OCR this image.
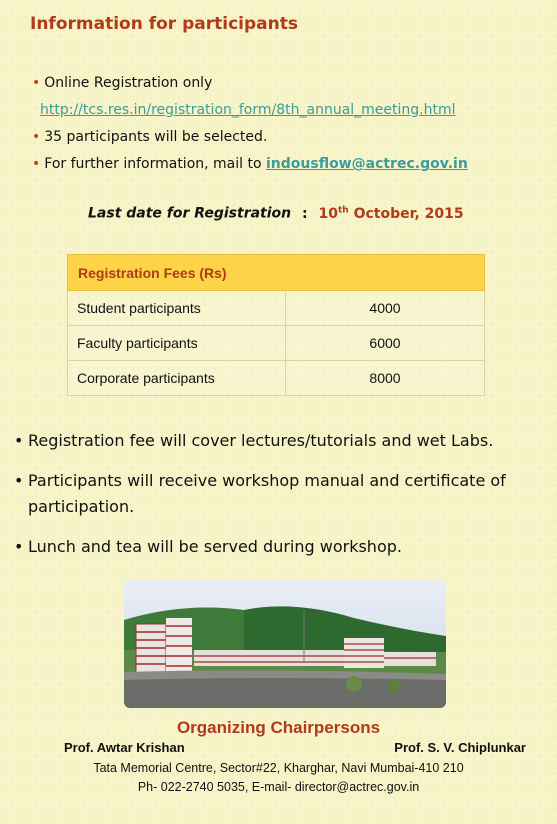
Information for participants
• Online Registration only
http://tcs.res.in/registration_form/8th_annual_meeting.html
• 35 participants will be selected.
• For further information, mail to indousflow@actrec.gov.in
Last date for Registration : 10th October, 2015
Registration Fees (Rs)	
Student participants	4000
Faculty participants	6000
Corporate participants	8000
• Registration fee will cover lectures/tutorials and wet Labs.
• Participants will receive workshop manual and certificate of participation.
• Lunch and tea will be served during workshop.
Organizing Chairpersons
Prof. Awtar Krishan	Prof. S. V. Chiplunkar
Tata Memorial Centre, Sector#22, Kharghar, Navi Mumbai-410 210
Ph- 022-2740 5035, E-mail- director@actrec.gov.in
